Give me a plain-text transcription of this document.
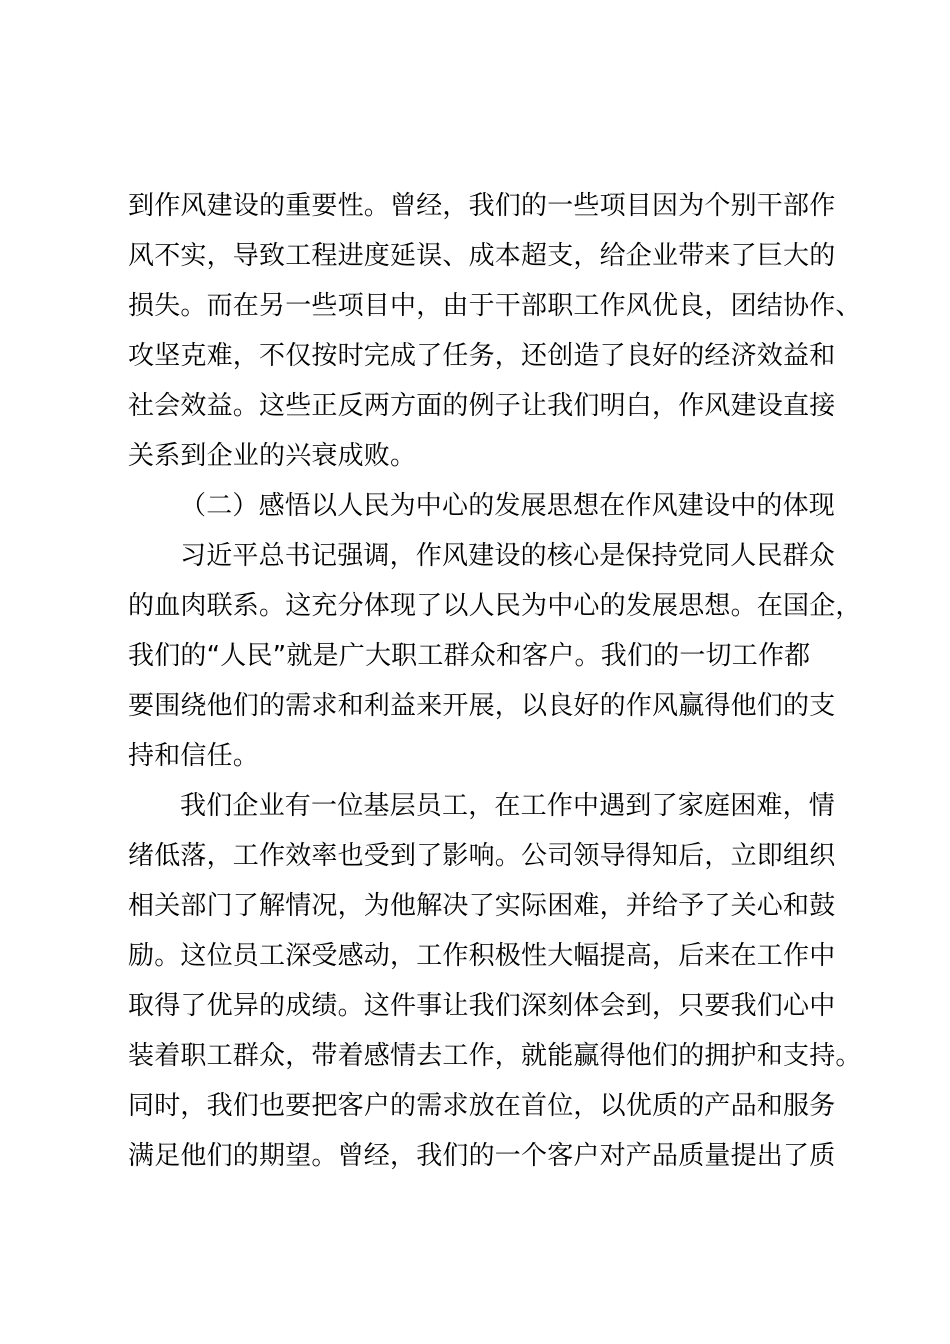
到作风建设的重要性。曾经，我们的一些项目因为个别干部作
风不实，导致工程进度延误、成本超支，给企业带来了巨大的
损失。而在另一些项目中，由于干部职工作风优良，团结协作、
攻坚克难，不仅按时完成了任务，还创造了良好的经济效益和
社会效益。这些正反两方面的例子让我们明白，作风建设直接
关系到企业的兴衰成败。
（二）感悟以人民为中心的发展思想在作风建设中的体现
习近平总书记强调，作风建设的核心是保持党同人民群众
的血肉联系。这充分体现了以人民为中心的发展思想。在国企，
我们的“人民”就是广大职工群众和客户。我们的一切工作都
要围绕他们的需求和利益来开展，以良好的作风赢得他们的支
持和信任。
我们企业有一位基层员工，在工作中遇到了家庭困难，情
绪低落，工作效率也受到了影响。公司领导得知后，立即组织
相关部门了解情况，为他解决了实际困难，并给予了关心和鼓
励。这位员工深受感动，工作积极性大幅提高，后来在工作中
取得了优异的成绩。这件事让我们深刻体会到，只要我们心中
装着职工群众，带着感情去工作，就能赢得他们的拥护和支持。
同时，我们也要把客户的需求放在首位，以优质的产品和服务
满足他们的期望。曾经，我们的一个客户对产品质量提出了质
